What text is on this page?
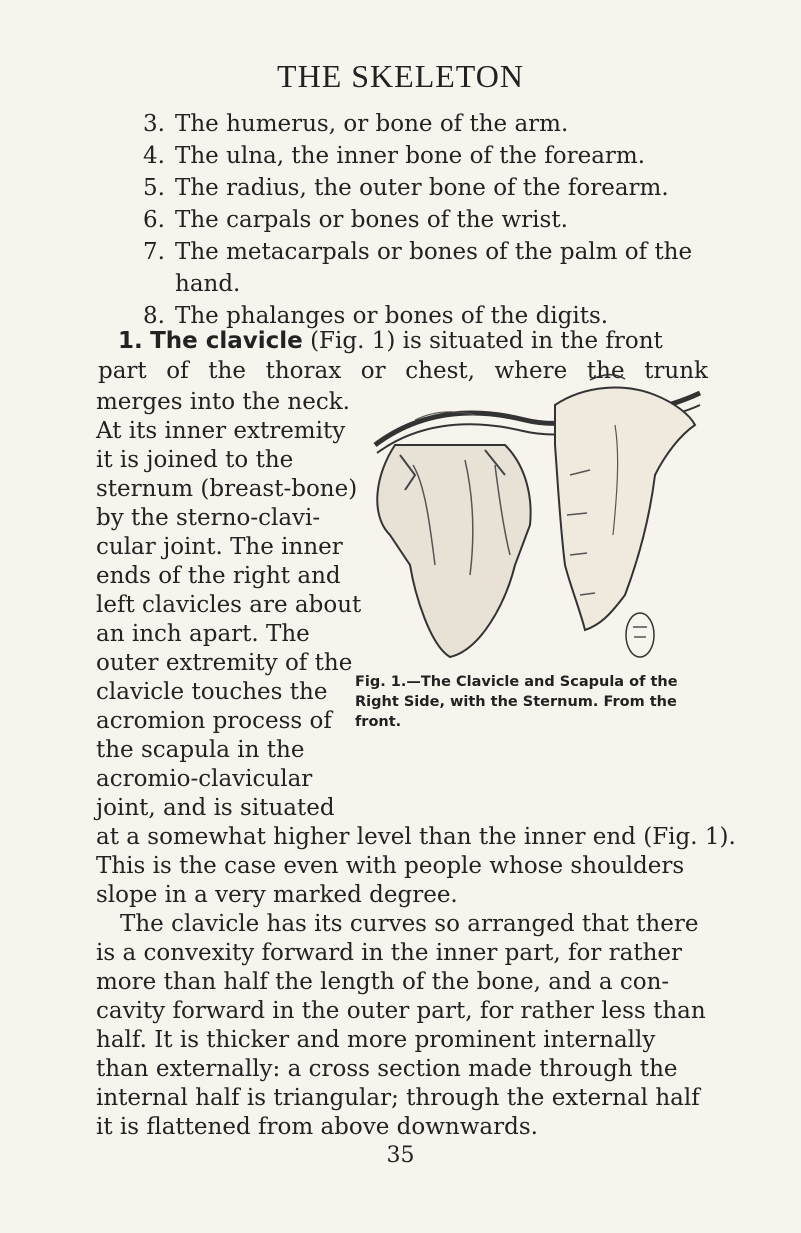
THE SKELETON
3. The humerus, or bone of the arm.
4. The ulna, the inner bone of the forearm.
5. The radius, the outer bone of the forearm.
6. The carpals or bones of the wrist.
7. The metacarpals or bones of the palm of the
hand.
8. The phalanges or bones of the digits.
1. The clavicle (Fig. 1) is situated in the front
part of the thorax or chest, where the trunk
merges into the neck.
At its inner extremity
it is joined to the
sternum (breast-bone)
by the sterno-clavi-
cular joint. The inner
ends of the right and
left clavicles are about
an inch apart. The
outer extremity of the
clavicle touches the
acromion process of
the scapula in the
acromio-clavicular
joint, and is situated
Fig. 1.—The Clavicle and Scapula of the Right Side, with the Sternum. From the front.
at a somewhat higher level than the inner end (Fig. 1).
This is the case even with people whose shoulders
slope in a very marked degree.
The clavicle has its curves so arranged that there
is a convexity forward in the inner part, for rather
more than half the length of the bone, and a con-
cavity forward in the outer part, for rather less than
half. It is thicker and more prominent internally
than externally: a cross section made through the
internal half is triangular; through the external half
it is flattened from above downwards.
35
